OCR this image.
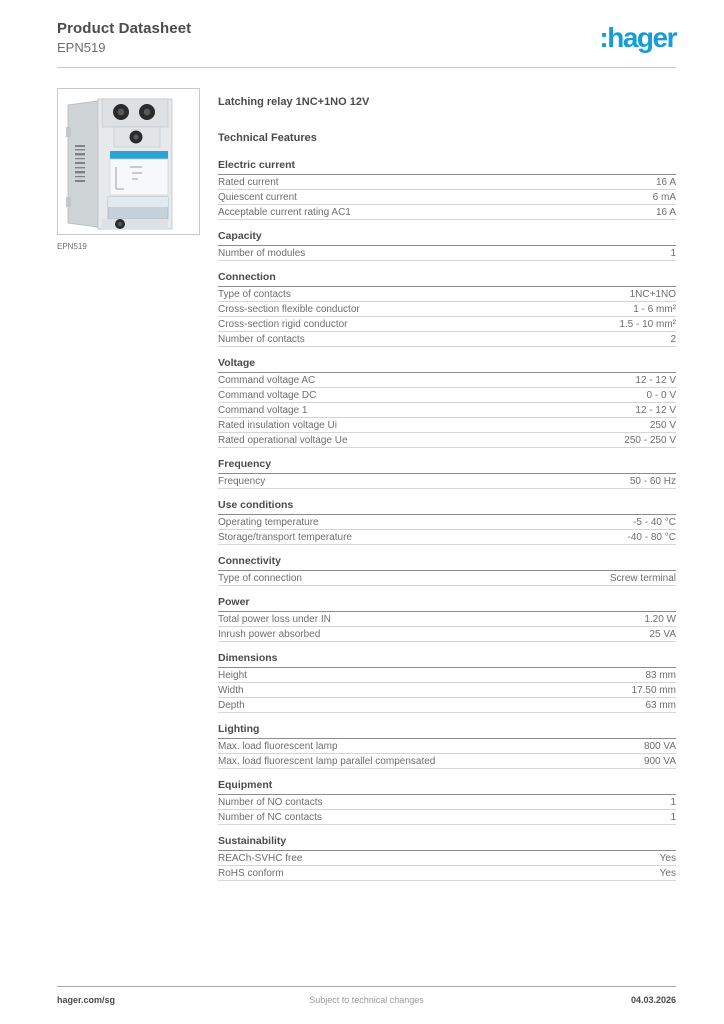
Product Datasheet
EPN519	:hager
EPN519
Latching relay 1NC+1NO 12V
Technical Features
Electric current
Rated current	16 A
Quiescent current	6 mA
Acceptable current rating AC1	16 A
Capacity
Number of modules	1
Connection
Type of contacts	1NC+1NO
Cross-section flexible conductor	1 - 6 mm²
Cross-section rigid conductor	1.5 - 10 mm²
Number of contacts	2
Voltage
Command voltage AC	12 - 12 V
Command voltage DC	0 - 0 V
Command voltage 1	12 - 12 V
Rated insulation voltage Ui	250 V
Rated operational voltage Ue	250 - 250 V
Frequency
Frequency	50 - 60 Hz
Use conditions
Operating temperature	-5 - 40 °C
Storage/transport temperature	-40 - 80 °C
Connectivity
Type of connection	Screw terminal
Power
Total power loss under IN	1.20 W
Inrush power absorbed	25 VA
Dimensions
Height	83 mm
Width	17.50 mm
Depth	63 mm
Lighting
Max. load fluorescent lamp	800 VA
Max. load fluorescent lamp parallel compensated	900 VA
Equipment
Number of NO contacts	1
Number of NC contacts	1
Sustainability
REACh-SVHC free	Yes
RoHS conform	Yes
hager.com/sg	Subject to technical changes	04.03.2026
